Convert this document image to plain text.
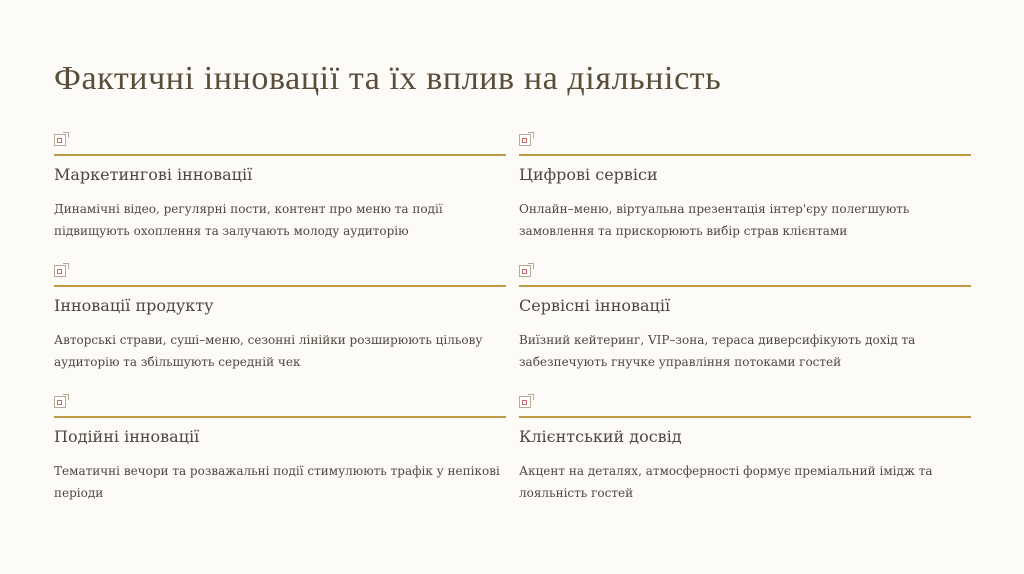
Фактичні інновації та їх вплив на діяльність
Маркетингові інновації
Динамічні відео, регулярні пости, контент про меню та події підвищують охоплення та залучають молоду аудиторію
Цифрові сервіси
Онлайн–меню, віртуальна презентація інтер'єру полегшують замовлення та прискорюють вибір страв клієнтами
Інновації продукту
Авторські страви, суші–меню, сезонні лінійки розширюють цільову аудиторію та збільшують середній чек
Сервісні інновації
Виїзний кейтеринг, VIP–зона, тераса диверсифікують дохід та забезпечують гнучке управління потоками гостей
Подійні інновації
Тематичні вечори та розважальні події стимулюють трафік у непікові періоди
Клієнтський досвід
Акцент на деталях, атмосферності формує преміальний імідж та лояльність гостей
